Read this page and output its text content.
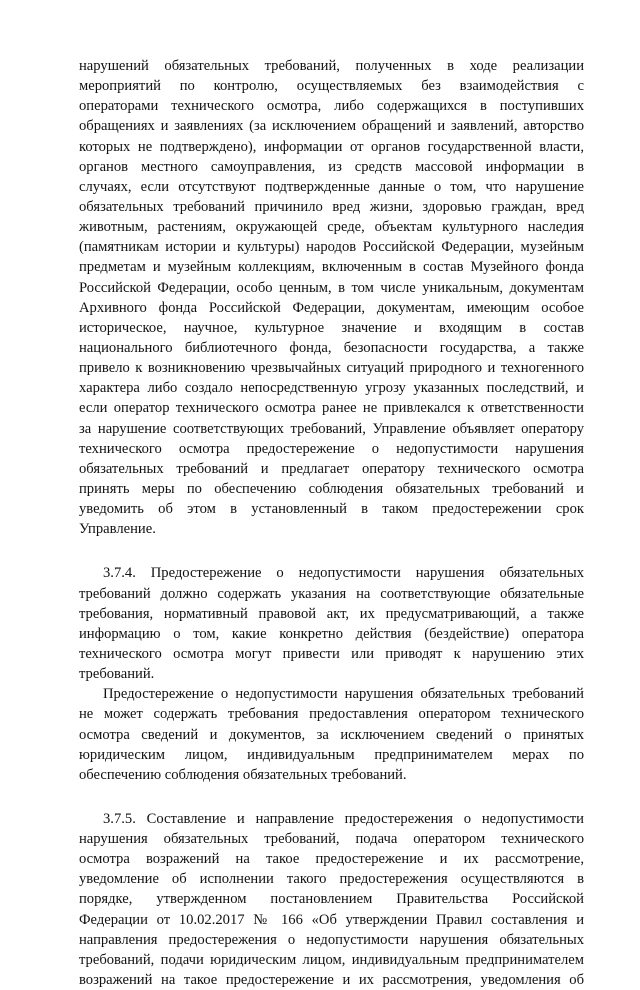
нарушений обязательных требований, полученных в ходе реализации
мероприятий по контролю, осуществляемых без взаимодействия с
операторами технического осмотра, либо содержащихся в поступивших
обращениях и заявлениях (за исключением обращений и заявлений, авторство
которых не подтверждено), информации от органов государственной власти,
органов местного самоуправления, из средств массовой информации в
случаях, если отсутствуют подтвержденные данные о том, что нарушение
обязательных требований причинило вред жизни, здоровью граждан, вред
животным, растениям, окружающей среде, объектам культурного наследия
(памятникам истории и культуры) народов Российской Федерации, музейным
предметам и музейным коллекциям, включенным в состав Музейного фонда
Российской Федерации, особо ценным, в том числе уникальным, документам
Архивного фонда Российской Федерации, документам, имеющим особое
историческое, научное, культурное значение и входящим в состав
национального библиотечного фонда, безопасности государства, а также
привело к возникновению чрезвычайных ситуаций природного и техногенного
характера либо создало непосредственную угрозу указанных последствий, и
если оператор технического осмотра ранее не привлекался к ответственности
за нарушение соответствующих требований, Управление объявляет оператору
технического осмотра предостережение о недопустимости нарушения
обязательных требований и предлагает оператору технического осмотра
принять меры по обеспечению соблюдения обязательных требований и
уведомить об этом в установленный в таком предостережении срок
Управление.
3.7.4. Предостережение о недопустимости нарушения обязательных
требований должно содержать указания на соответствующие обязательные
требования, нормативный правовой акт, их предусматривающий, а также
информацию о том, какие конкретно действия (бездействие) оператора
технического осмотра могут привести или приводят к нарушению этих
требований.
Предостережение о недопустимости нарушения обязательных требований
не может содержать требования предоставления оператором технического
осмотра сведений и документов, за исключением сведений о принятых
юридическим лицом, индивидуальным предпринимателем мерах по
обеспечению соблюдения обязательных требований.
3.7.5. Составление и направление предостережения о недопустимости
нарушения обязательных требований, подача оператором технического
осмотра возражений на такое предостережение и их рассмотрение,
уведомление об исполнении такого предостережения осуществляются в
порядке, утвержденном постановлением Правительства Российской
Федерации от 10.02.2017 № 166 «Об утверждении Правил составления и
направления предостережения о недопустимости нарушения обязательных
требований, подачи юридическим лицом, индивидуальным предпринимателем
возражений на такое предостережение и их рассмотрения, уведомления об
